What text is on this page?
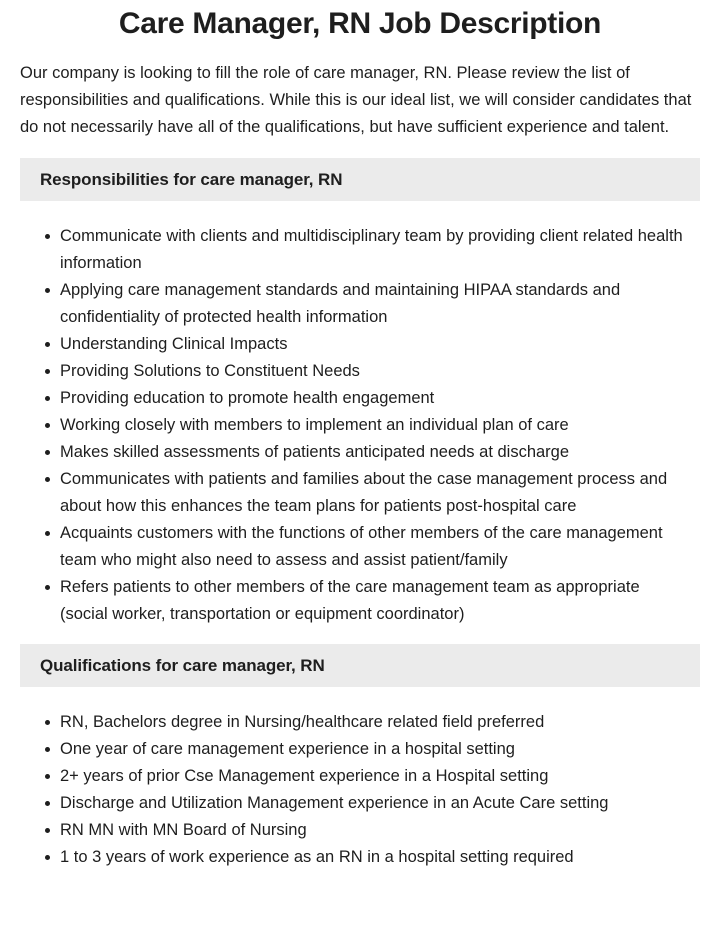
Care Manager, RN Job Description

Our company is looking to fill the role of care manager, RN. Please review the list of responsibilities and qualifications. While this is our ideal list, we will consider candidates that do not necessarily have all of the qualifications, but have sufficient experience and talent.

Responsibilities for care manager, RN
Communicate with clients and multidisciplinary team by providing client related health information
Applying care management standards and maintaining HIPAA standards and confidentiality of protected health information
Understanding Clinical Impacts
Providing Solutions to Constituent Needs
Providing education to promote health engagement
Working closely with members to implement an individual plan of care
Makes skilled assessments of patients anticipated needs at discharge
Communicates with patients and families about the case management process and about how this enhances the team plans for patients post-hospital care
Acquaints customers with the functions of other members of the care management team who might also need to assess and assist patient/family
Refers patients to other members of the care management team as appropriate (social worker, transportation or equipment coordinator)
Qualifications for care manager, RN
RN, Bachelors degree in Nursing/healthcare related field preferred
One year of care management experience in a hospital setting
2+ years of prior Cse Management experience in a Hospital setting
Discharge and Utilization Management experience in an Acute Care setting
RN MN with MN Board of Nursing
1 to 3 years of work experience as an RN in a hospital setting required
